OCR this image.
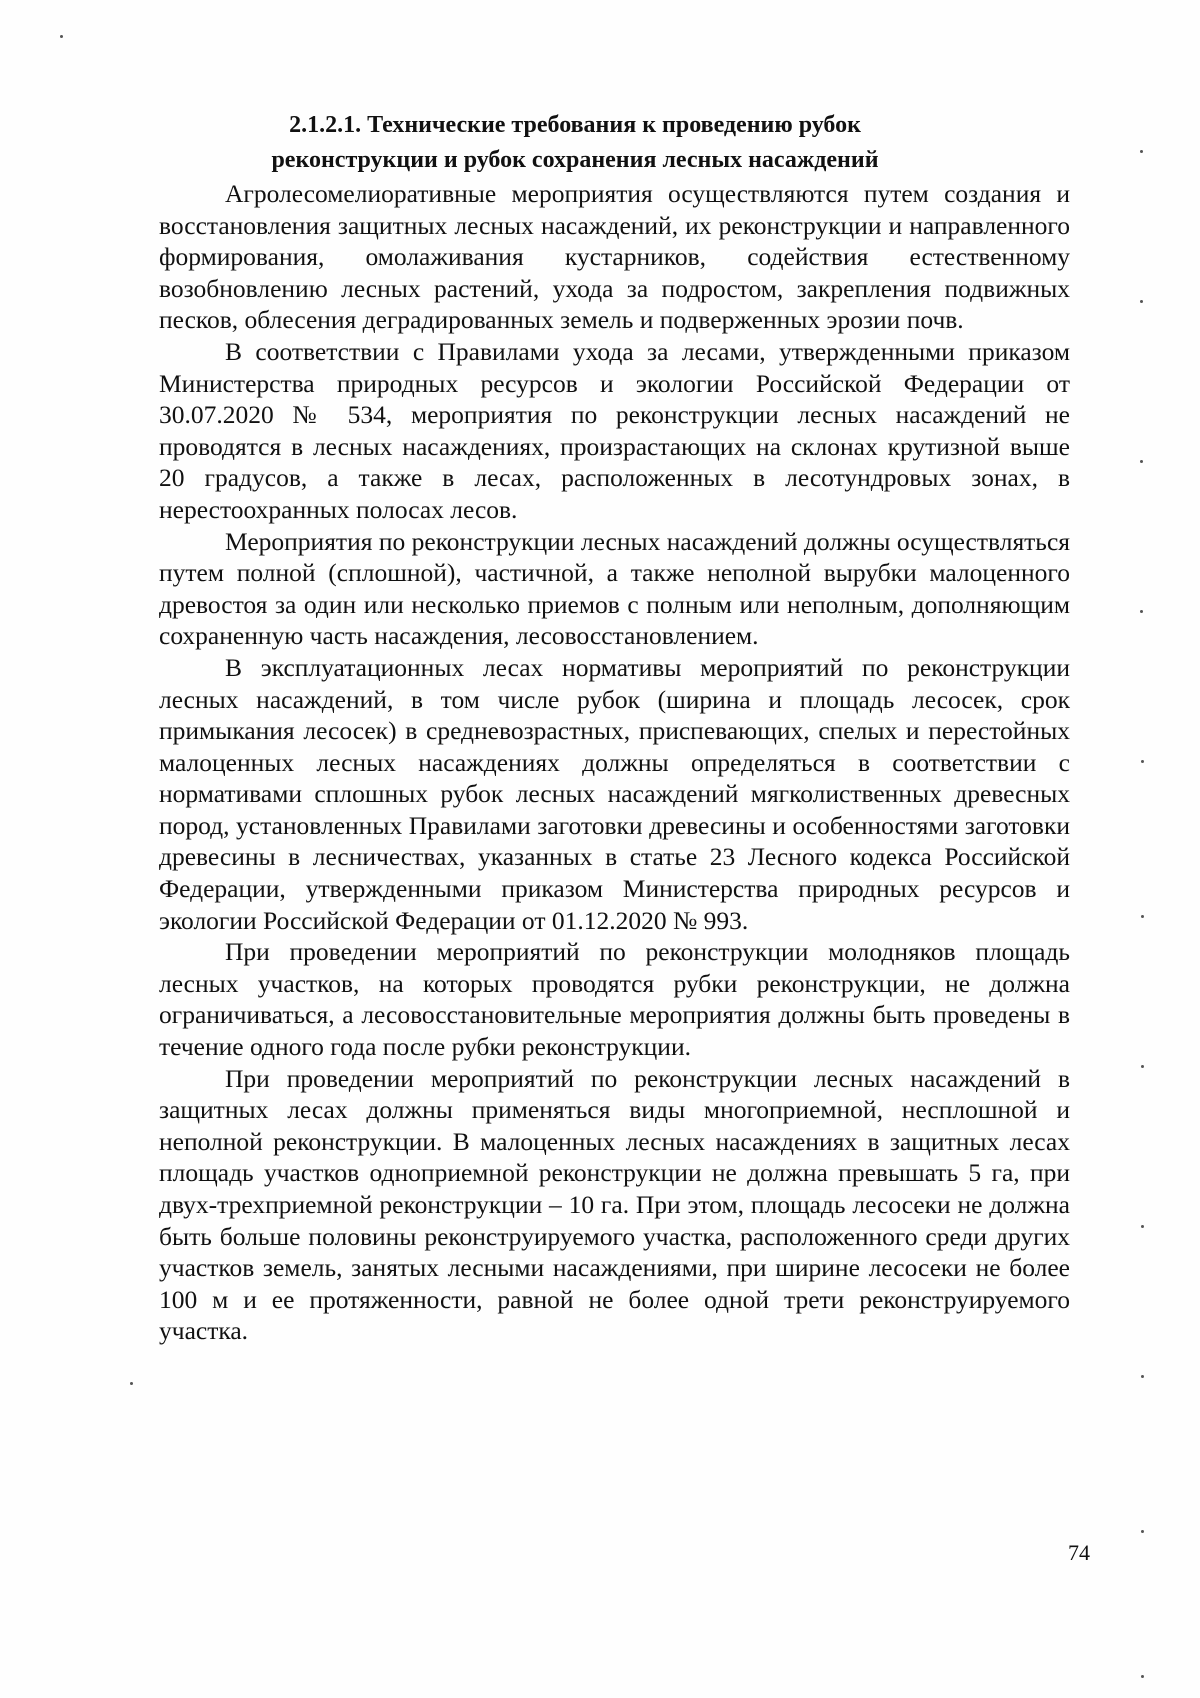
2.1.2.1. Технические требования к проведению рубок
реконструкции и рубок сохранения лесных насаждений

Агролесомелиоративные мероприятия осуществляются путем создания и восстановления защитных лесных насаждений, их реконструкции и направленного формирования, омолаживания кустарников, содействия естественному возобновлению лесных растений, ухода за подростом, закрепления подвижных песков, облесения деградированных земель и подверженных эрозии почв.

В соответствии с Правилами ухода за лесами, утвержденными приказом Министерства природных ресурсов и экологии Российской Федерации от 30.07.2020 № 534, мероприятия по реконструкции лесных насаждений не проводятся в лесных насаждениях, произрастающих на склонах крутизной выше 20 градусов, а также в лесах, расположенных в лесотундровых зонах, в нерестоохранных полосах лесов.

Мероприятия по реконструкции лесных насаждений должны осуществляться путем полной (сплошной), частичной, а также неполной вырубки малоценного древостоя за один или несколько приемов с полным или неполным, дополняющим сохраненную часть насаждения, лесовосстановлением.

В эксплуатационных лесах нормативы мероприятий по реконструкции лесных насаждений, в том числе рубок (ширина и площадь лесосек, срок примыкания лесосек) в средневозрастных, приспевающих, спелых и перестойных малоценных лесных насаждениях должны определяться в соответствии с нормативами сплошных рубок лесных насаждений мягколиственных древесных пород, установленных Правилами заготовки древесины и особенностями заготовки древесины в лесничествах, указанных в статье 23 Лесного кодекса Российской Федерации, утвержденными приказом Министерства природных ресурсов и экологии Российской Федерации от 01.12.2020 № 993.

При проведении мероприятий по реконструкции молодняков площадь лесных участков, на которых проводятся рубки реконструкции, не должна ограничиваться, а лесовосстановительные мероприятия должны быть проведены в течение одного года после рубки реконструкции.

При проведении мероприятий по реконструкции лесных насаждений в защитных лесах должны применяться виды многоприемной, несплошной и неполной реконструкции. В малоценных лесных насаждениях в защитных лесах площадь участков одноприемной реконструкции не должна превышать 5 га, при двух-трехприемной реконструкции – 10 га. При этом, площадь лесосеки не должна быть больше половины реконструируемого участка, расположенного среди других участков земель, занятых лесными насаждениями, при ширине лесосеки не более 100 м и ее протяженности, равной не более одной трети реконструируемого участка.

74
